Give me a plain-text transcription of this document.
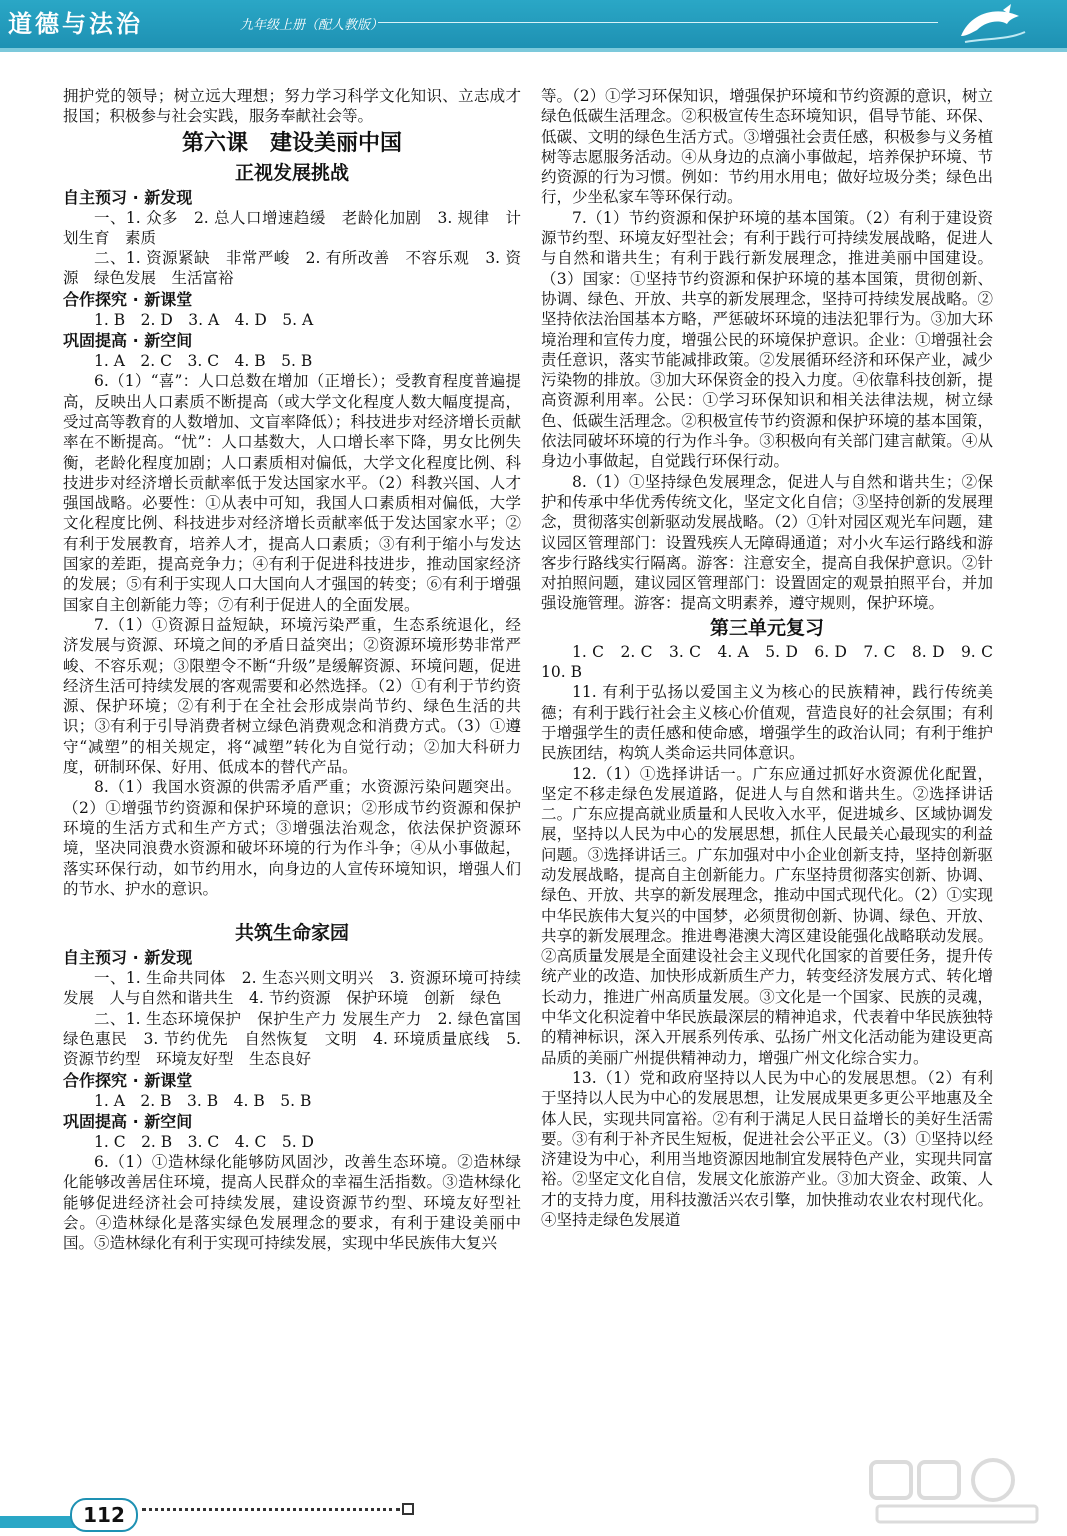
道德与法治	九年级上册（配人教版）

拥护党的领导；树立远大理想；努力学习科学文化知识、立志成才报国；积极参与社会实践，服务奉献社会等。

第六课　建设美丽中国
正视发展挑战
自主预习 · 新发现

一、1. 众多　2. 总人口增速趋缓　老龄化加剧　3. 规律　计划生育　素质

二、1. 资源紧缺　非常严峻　2. 有所改善　不容乐观　3. 资源　绿色发展　生活富裕

合作探究 · 新课堂

1. B　2. D　3. A　4. D　5. A

巩固提高 · 新空间

1. A　2. C　3. C　4. B　5. B

6.（1）“喜”：人口总数在增加（正增长）；受教育程度普遍提高，反映出人口素质不断提高（或大学文化程度人数大幅度提高，受过高等教育的人数增加、文盲率降低）；科技进步对经济增长贡献率在不断提高。“忧”：人口基数大，人口增长率下降，男女比例失衡，老龄化程度加剧；人口素质相对偏低，大学文化程度比例、科技进步对经济增长贡献率低于发达国家水平。（2）科教兴国、人才强国战略。必要性：①从表中可知，我国人口素质相对偏低，大学文化程度比例、科技进步对经济增长贡献率低于发达国家水平；②有利于发展教育，培养人才，提高人口素质；③有利于缩小与发达国家的差距，提高竞争力；④有利于促进科技进步，推动国家经济的发展；⑤有利于实现人口大国向人才强国的转变；⑥有利于增强国家自主创新能力等；⑦有利于促进人的全面发展。

7.（1）①资源日益短缺，环境污染严重，生态系统退化，经济发展与资源、环境之间的矛盾日益突出；②资源环境形势非常严峻、不容乐观；③限塑令不断“升级”是缓解资源、环境问题，促进经济生活可持续发展的客观需要和必然选择。（2）①有利于节约资源、保护环境；②有利于在全社会形成崇尚节约、绿色生活的共识；③有利于引导消费者树立绿色消费观念和消费方式。（3）①遵守“减塑”的相关规定，将“减塑”转化为自觉行动；②加大科研力度，研制环保、好用、低成本的替代产品。

8.（1）我国水资源的供需矛盾严重；水资源污染问题突出。（2）①增强节约资源和保护环境的意识；②形成节约资源和保护环境的生活方式和生产方式；③增强法治观念，依法保护资源环境，坚决同浪费水资源和破坏环境的行为作斗争；④从小事做起，落实环保行动，如节约用水，向身边的人宣传环境知识，增强人们的节水、护水的意识。

共筑生命家园
自主预习 · 新发现

一、1. 生命共同体　2. 生态兴则文明兴　3. 资源环境可持续发展　人与自然和谐共生　4. 节约资源　保护环境　创新　绿色

二、1. 生态环境保护　保护生产力 发展生产力　2. 绿色富国　绿色惠民　3. 节约优先　自然恢复　文明　4. 环境质量底线　5. 资源节约型　环境友好型　生态良好

合作探究 · 新课堂

1. A　2. B　3. B　4. B　5. B

巩固提高 · 新空间

1. C　2. B　3. C　4. C　5. D

6.（1）①造林绿化能够防风固沙，改善生态环境。②造林绿化能够改善居住环境，提高人民群众的幸福生活指数。③造林绿化能够促进经济社会可持续发展，建设资源节约型、环境友好型社会。④造林绿化是落实绿色发展理念的要求，有利于建设美丽中国。⑤造林绿化有利于实现可持续发展，实现中华民族伟大复兴

等。（2）①学习环保知识，增强保护环境和节约资源的意识，树立绿色低碳生活理念。②积极宣传生态环境知识，倡导节能、环保、低碳、文明的绿色生活方式。③增强社会责任感，积极参与义务植树等志愿服务活动。④从身边的点滴小事做起，培养保护环境、节约资源的行为习惯。例如：节约用水用电；做好垃圾分类；绿色出行，少坐私家车等环保行动。

7.（1）节约资源和保护环境的基本国策。（2）有利于建设资源节约型、环境友好型社会；有利于践行可持续发展战略，促进人与自然和谐共生；有利于践行新发展理念，推进美丽中国建设。（3）国家：①坚持节约资源和保护环境的基本国策，贯彻创新、协调、绿色、开放、共享的新发展理念，坚持可持续发展战略。②坚持依法治国基本方略，严惩破坏环境的违法犯罪行为。③加大环境治理和宣传力度，增强公民的环境保护意识。企业：①增强社会责任意识，落实节能减排政策。②发展循环经济和环保产业，减少污染物的排放。③加大环保资金的投入力度。④依靠科技创新，提高资源利用率。公民：①学习环保知识和相关法律法规，树立绿色、低碳生活理念。②积极宣传节约资源和保护环境的基本国策，依法同破坏环境的行为作斗争。③积极向有关部门建言献策。④从身边小事做起，自觉践行环保行动。

8.（1）①坚持绿色发展理念，促进人与自然和谐共生；②保护和传承中华优秀传统文化，坚定文化自信；③坚持创新的发展理念，贯彻落实创新驱动发展战略。（2）①针对园区观光车问题，建议园区管理部门：设置残疾人无障碍通道；对小火车运行路线和游客步行路线实行隔离。游客：注意安全，提高自我保护意识。②针对拍照问题，建议园区管理部门：设置固定的观景拍照平台，并加强设施管理。游客：提高文明素养，遵守规则，保护环境。

第三单元复习

1. C　2. C　3. C　4. A　5. D　6. D　7. C　8. D　9. C　10. B

11. 有利于弘扬以爱国主义为核心的民族精神，践行传统美德；有利于践行社会主义核心价值观，营造良好的社会氛围；有利于增强学生的责任感和使命感，增强学生的政治认同；有利于维护民族团结，构筑人类命运共同体意识。

12.（1）①选择讲话一。广东应通过抓好水资源优化配置，坚定不移走绿色发展道路，促进人与自然和谐共生。②选择讲话二。广东应提高就业质量和人民收入水平，促进城乡、区域协调发展，坚持以人民为中心的发展思想，抓住人民最关心最现实的利益问题。③选择讲话三。广东加强对中小企业创新支持，坚持创新驱动发展战略，提高自主创新能力。广东坚持贯彻落实创新、协调、绿色、开放、共享的新发展理念，推动中国式现代化。（2）①实现中华民族伟大复兴的中国梦，必须贯彻创新、协调、绿色、开放、共享的新发展理念。推进粤港澳大湾区建设能强化战略联动发展。②高质量发展是全面建设社会主义现代化国家的首要任务，提升传统产业的改造、加快形成新质生产力，转变经济发展方式、转化增长动力，推进广州高质量发展。③文化是一个国家、民族的灵魂，中华文化积淀着中华民族最深层的精神追求，代表着中华民族独特的精神标识，深入开展系列传承、弘扬广州文化活动能为建设更高品质的美丽广州提供精神动力，增强广州文化综合实力。

13.（1）党和政府坚持以人民为中心的发展思想。（2）有利于坚持以人民为中心的发展思想，让发展成果更多更公平地惠及全体人民，实现共同富裕。②有利于满足人民日益增长的美好生活需要。③有利于补齐民生短板，促进社会公平正义。（3）①坚持以经济建设为中心，利用当地资源因地制宜发展特色产业，实现共同富裕。②坚定文化自信，发展文化旅游产业。③加大资金、政策、人才的支持力度，用科技激活兴农引擎，加快推动农业农村现代化。④坚持走绿色发展道

112
